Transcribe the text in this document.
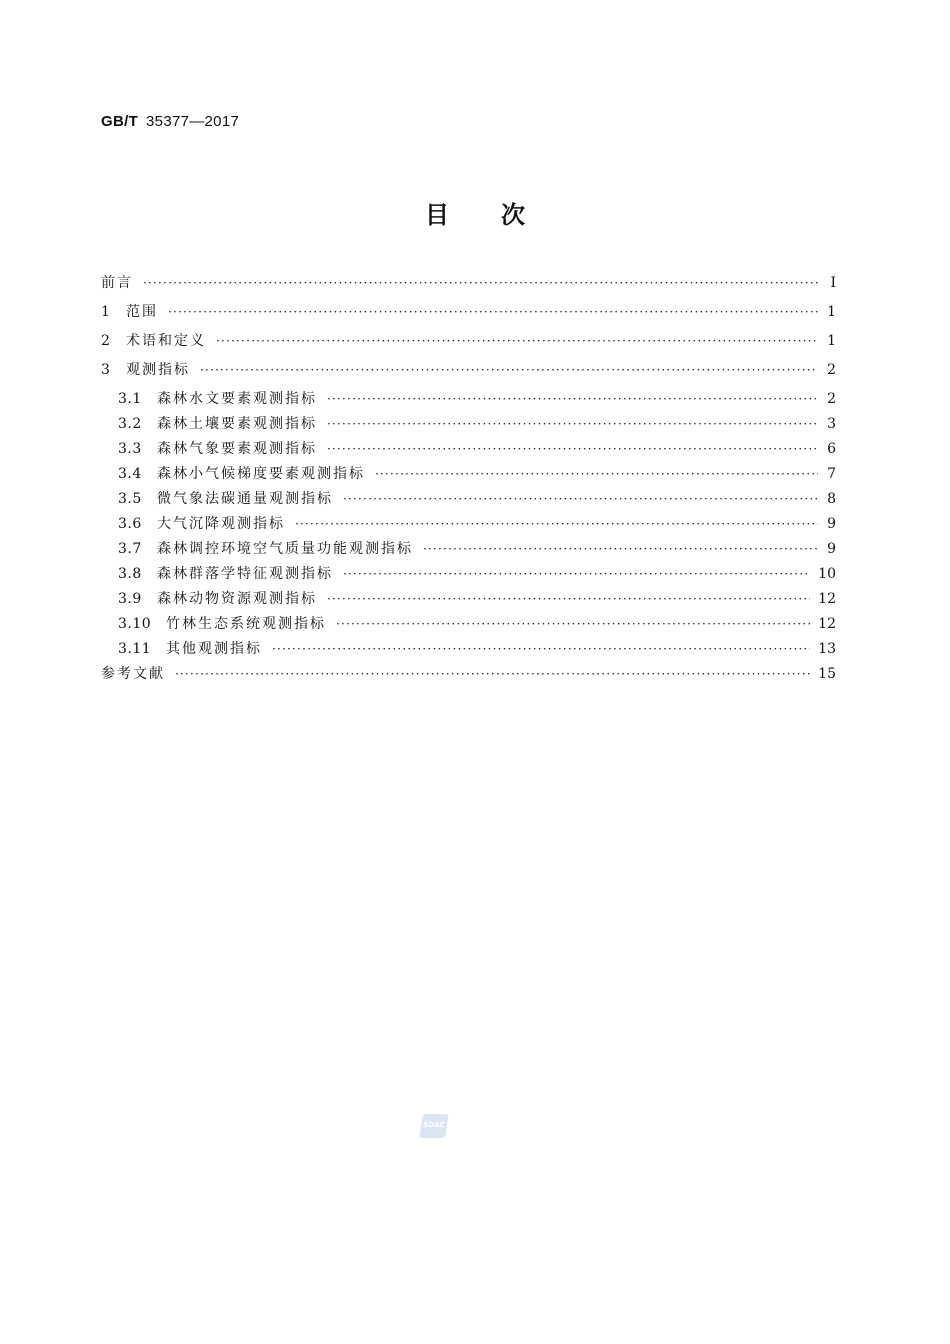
GB/T 35377—2017
目次
前言 ·····	Ⅰ
1	范围 ·····	1
2	术语和定义 ·····	1
3	观测指标 ·····	2
3.1	森林水文要素观测指标 ·····	2
3.2	森林土壤要素观测指标 ·····	3
3.3	森林气象要素观测指标 ·····	6
3.4	森林小气候梯度要素观测指标 ·····	7
3.5	微气象法碳通量观测指标 ·····	8
3.6	大气沉降观测指标 ·····	9
3.7	森林调控环境空气质量功能观测指标 ·····	9
3.8	森林群落学特征观测指标 ·····	10
3.9	森林动物资源观测指标 ·····	12
3.10	竹林生态系统观测指标 ·····	12
3.11	其他观测指标 ·····	13
参考文献 ·····	15
SDAC
